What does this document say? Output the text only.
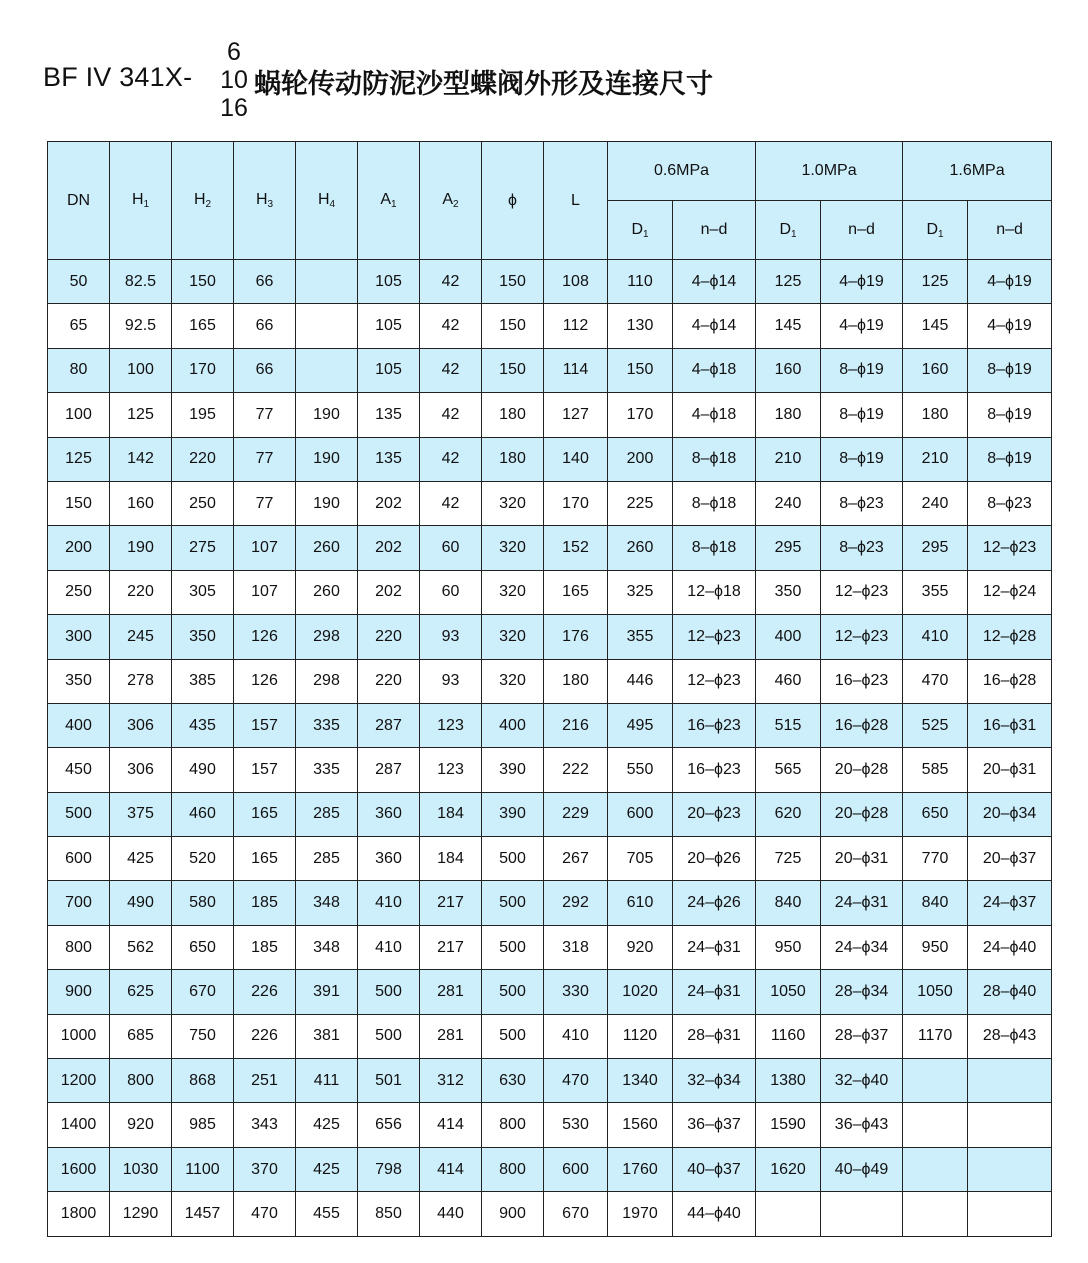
BF IV 341X-
6
10
16
蜗轮传动防泥沙型蝶阀外形及连接尺寸
DN	$H_1$	$H_2$	$H_3$	$H_4$	$A_1$	$A_2$	ϕ	L	0.6MPa		1.0MPa		1.6MPa	
									$D_1$	n–d	$D_1$	n–d	$D_1$	n–d
50	82.5	150	66		105	42	150	108	110	4–ϕ14	125	4–ϕ19	125	4–ϕ19
65	92.5	165	66		105	42	150	112	130	4–ϕ14	145	4–ϕ19	145	4–ϕ19
80	100	170	66		105	42	150	114	150	4–ϕ18	160	8–ϕ19	160	8–ϕ19
100	125	195	77	190	135	42	180	127	170	4–ϕ18	180	8–ϕ19	180	8–ϕ19
125	142	220	77	190	135	42	180	140	200	8–ϕ18	210	8–ϕ19	210	8–ϕ19
150	160	250	77	190	202	42	320	170	225	8–ϕ18	240	8–ϕ23	240	8–ϕ23
200	190	275	107	260	202	60	320	152	260	8–ϕ18	295	8–ϕ23	295	12–ϕ23
250	220	305	107	260	202	60	320	165	325	12–ϕ18	350	12–ϕ23	355	12–ϕ24
300	245	350	126	298	220	93	320	176	355	12–ϕ23	400	12–ϕ23	410	12–ϕ28
350	278	385	126	298	220	93	320	180	446	12–ϕ23	460	16–ϕ23	470	16–ϕ28
400	306	435	157	335	287	123	400	216	495	16–ϕ23	515	16–ϕ28	525	16–ϕ31
450	306	490	157	335	287	123	390	222	550	16–ϕ23	565	20–ϕ28	585	20–ϕ31
500	375	460	165	285	360	184	390	229	600	20–ϕ23	620	20–ϕ28	650	20–ϕ34
600	425	520	165	285	360	184	500	267	705	20–ϕ26	725	20–ϕ31	770	20–ϕ37
700	490	580	185	348	410	217	500	292	610	24–ϕ26	840	24–ϕ31	840	24–ϕ37
800	562	650	185	348	410	217	500	318	920	24–ϕ31	950	24–ϕ34	950	24–ϕ40
900	625	670	226	391	500	281	500	330	1020	24–ϕ31	1050	28–ϕ34	1050	28–ϕ40
1000	685	750	226	381	500	281	500	410	1120	28–ϕ31	1160	28–ϕ37	1170	28–ϕ43
1200	800	868	251	411	501	312	630	470	1340	32–ϕ34	1380	32–ϕ40		
1400	920	985	343	425	656	414	800	530	1560	36–ϕ37	1590	36–ϕ43		
1600	1030	1100	370	425	798	414	800	600	1760	40–ϕ37	1620	40–ϕ49		
1800	1290	1457	470	455	850	440	900	670	1970	44–ϕ40				
